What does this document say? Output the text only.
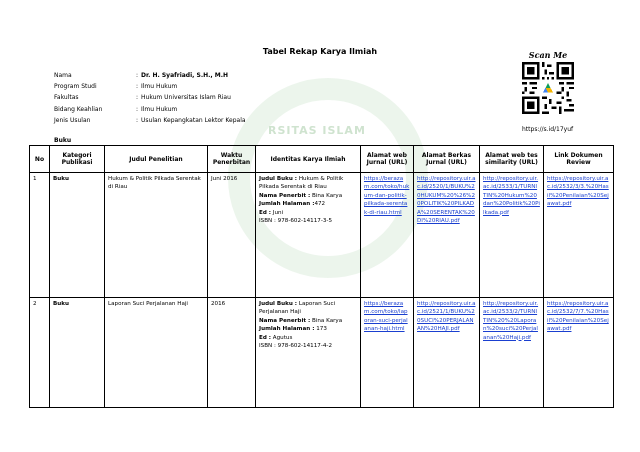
RSITAS ISLAM
Tabel Rekap Karya Ilmiah
Nama	: Dr. H. Syafriadi, S.H., M.H
Program Studi	: Ilmu Hukum
Fakultas	: Hukum Universitas Islam Riau
Bidang Keahlian	: Ilmu Hukum
Jenis Usulan	: Usulan Kepangkatan Lektor Kepala
Scan Me
https://s.id/17yuf
Buku
No	Kategori Publikasi	Judul Penelitian	Waktu Penerbitan	Identitas Karya Ilmiah	Alamat web Jurnal (URL)	Alamat Berkas Jurnal (URL)	Alamat web tes similarity (URL)	Link Dokumen Review
1	Buku	Hukum & Politik Pilkada Serentak di Riau	Juni 2016	Judul Buku : Hukum & Politik Pilkada Serentak di Riau
Nama Penerbit : Bina Karya
Jumlah Halaman :472
Ed : Juni
ISBN : 978-602-14117-3-5	https://berazam.com/toko/hukum-dan-politik-pilkada-serentak-di-riau.html	http://repository.uir.ac.id/2520/1/BUKU%20HUKUM%20%26%20POLITIK%20PILKADA%20SERENTAK%20DI%20RIAU.pdf	http://repository.uir.ac.id/2533/1/TURNITIN%20Hukum%20dan%20Politik%20Pilkada.pdf	https://repository.uir.ac.id/2532/3/3.%20Hasil%20Penilaian%20Sejawat.pdf
2	Buku	Laporan Suci Perjalanan Haji	2016	Judul Buku : Laporan Suci Perjalanan Haji
Nama Penerbit : Bina Karya
Jumlah Halaman : 173
Ed : Agutus
ISBN : 978-602-14117-4-2	https://berazam.com/toko/laporan-suci-perjalanan-haji.html	http://repository.uir.ac.id/2521/1/BUKU%20SUCI%20PERJALANAN%20HAJI.pdf	http://repository.uir.ac.id/2533/2/TURNITIN%20%20Laporan%20suci%20Perjalanan%20Haji.pdf	https://repository.uir.ac.id/2532/7/7.%20Hasil%20Penilaian%20Sejawat.pdf
